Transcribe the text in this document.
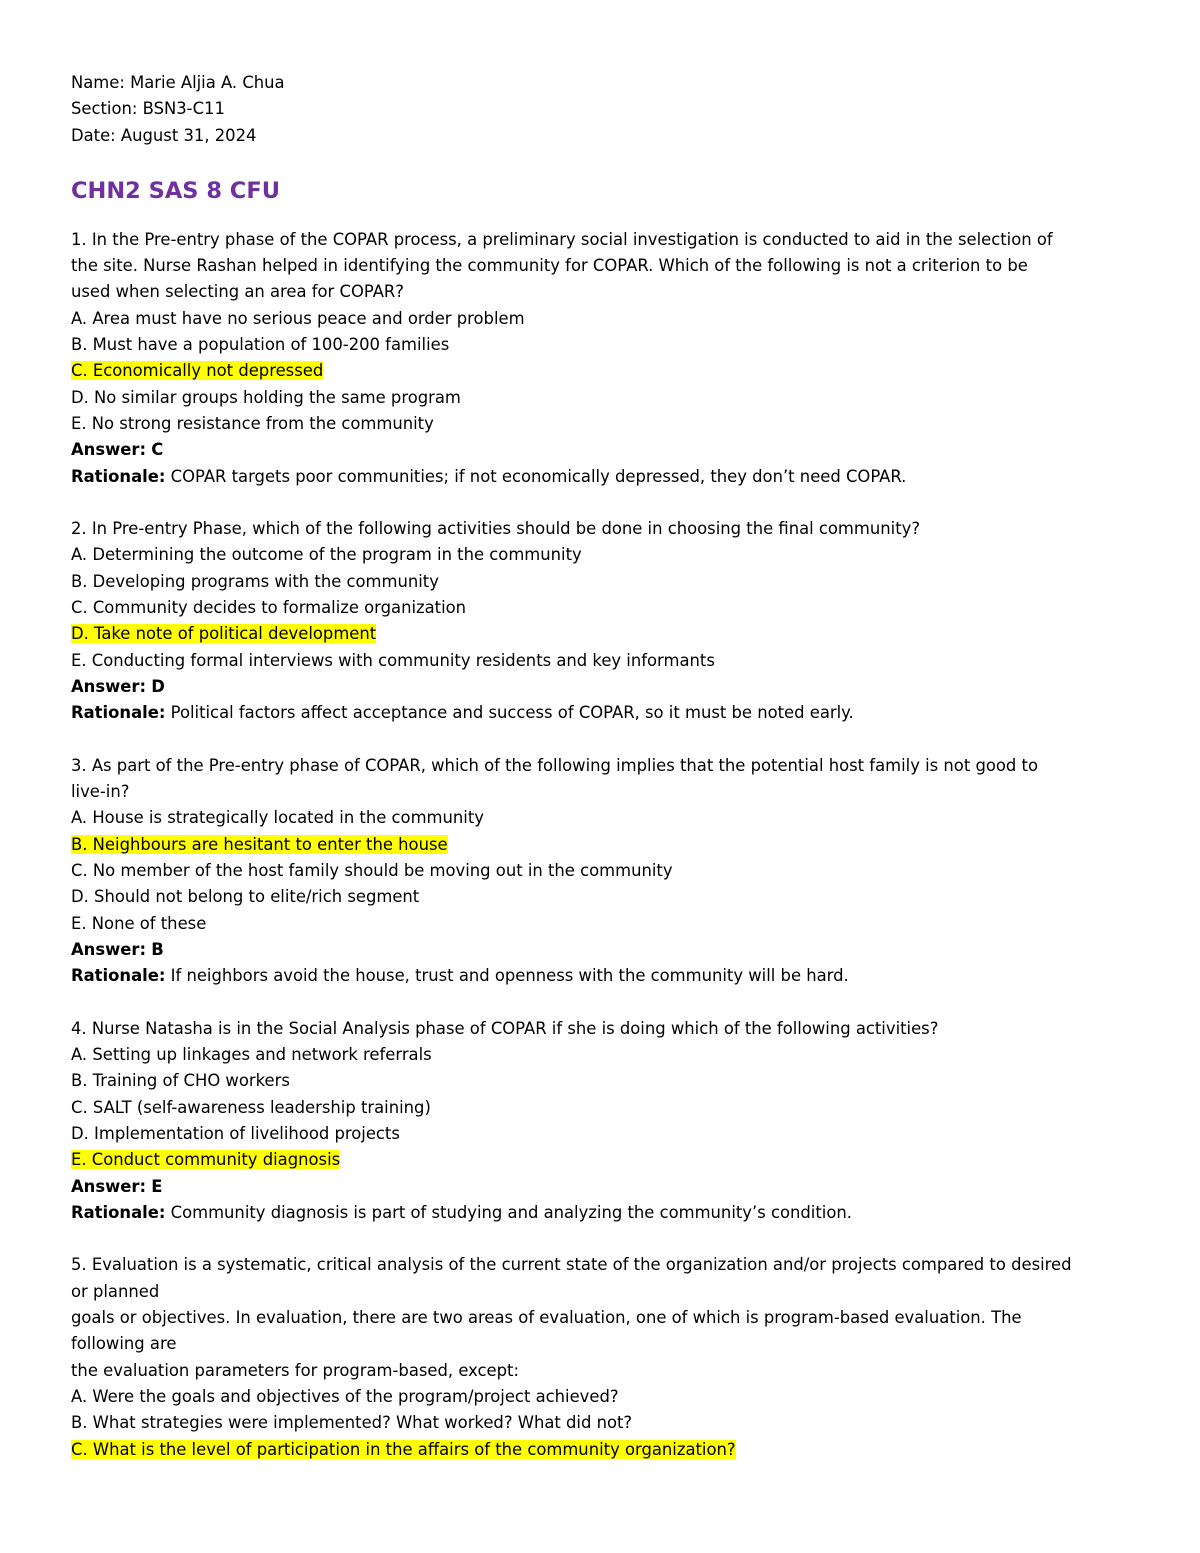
Name: Marie Aljia A. Chua
Section: BSN3-C11
Date: August 31, 2024
CHN2 SAS 8 CFU
1. In the Pre-entry phase of the COPAR process, a preliminary social investigation is conducted to aid in the selection of
the site. Nurse Rashan helped in identifying the community for COPAR. Which of the following is not a criterion to be
used when selecting an area for COPAR?
A. Area must have no serious peace and order problem
B. Must have a population of 100-200 families
C. Economically not depressed
D. No similar groups holding the same program
E. No strong resistance from the community
Answer: C
Rationale: COPAR targets poor communities; if not economically depressed, they don’t need COPAR.
2. In Pre-entry Phase, which of the following activities should be done in choosing the final community?
A. Determining the outcome of the program in the community
B. Developing programs with the community
C. Community decides to formalize organization
D. Take note of political development
E. Conducting formal interviews with community residents and key informants
Answer: D
Rationale: Political factors affect acceptance and success of COPAR, so it must be noted early.
3. As part of the Pre-entry phase of COPAR, which of the following implies that the potential host family is not good to
live-in?
A. House is strategically located in the community
B. Neighbours are hesitant to enter the house
C. No member of the host family should be moving out in the community
D. Should not belong to elite/rich segment
E. None of these
Answer: B
Rationale: If neighbors avoid the house, trust and openness with the community will be hard.
4. Nurse Natasha is in the Social Analysis phase of COPAR if she is doing which of the following activities?
A. Setting up linkages and network referrals
B. Training of CHO workers
C. SALT (self-awareness leadership training)
D. Implementation of livelihood projects
E. Conduct community diagnosis
Answer: E
Rationale: Community diagnosis is part of studying and analyzing the community’s condition.
5. Evaluation is a systematic, critical analysis of the current state of the organization and/or projects compared to desired
or planned
goals or objectives. In evaluation, there are two areas of evaluation, one of which is program-based evaluation. The
following are
the evaluation parameters for program-based, except:
A. Were the goals and objectives of the program/project achieved?
B. What strategies were implemented? What worked? What did not?
C. What is the level of participation in the affairs of the community organization?
